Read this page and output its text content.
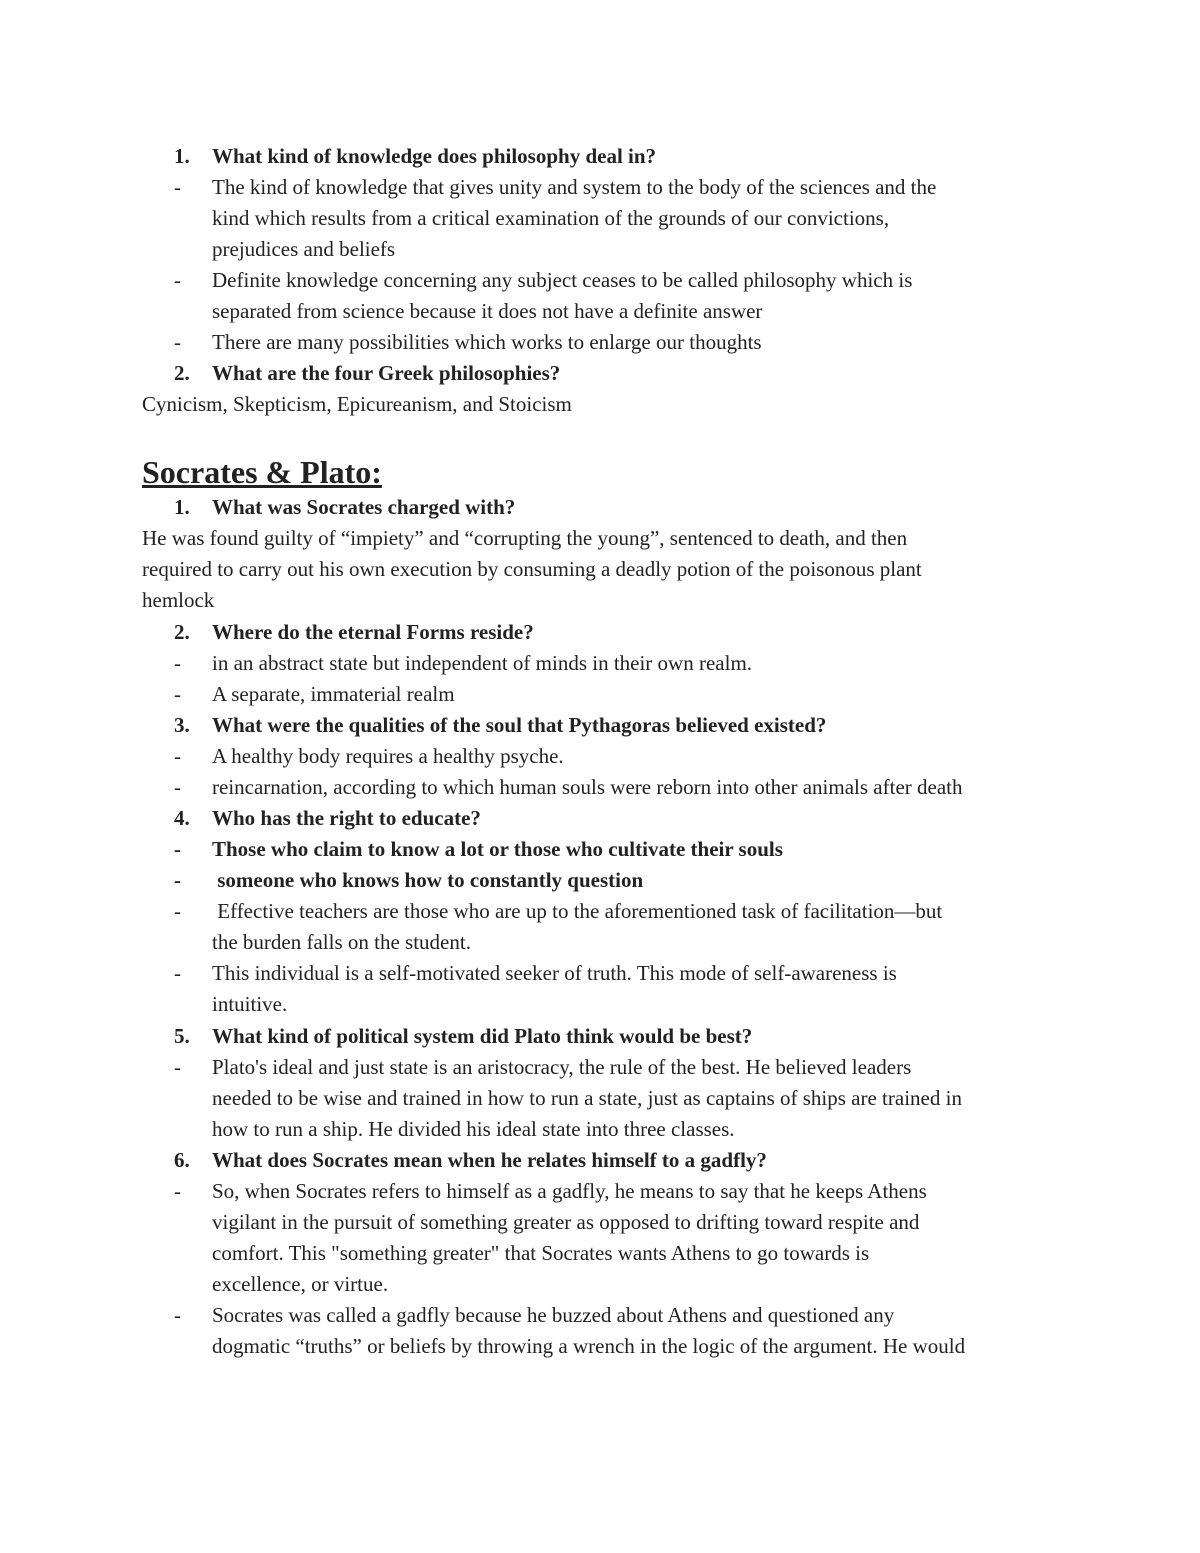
1. What kind of knowledge does philosophy deal in?
- The kind of knowledge that gives unity and system to the body of the sciences and the
kind which results from a critical examination of the grounds of our convictions,
prejudices and beliefs
- Definite knowledge concerning any subject ceases to be called philosophy which is
separated from science because it does not have a definite answer
- There are many possibilities which works to enlarge our thoughts
2. What are the four Greek philosophies?
Cynicism, Skepticism, Epicureanism, and Stoicism
Socrates & Plato:
1. What was Socrates charged with?
He was found guilty of “impiety” and “corrupting the young”, sentenced to death, and then
required to carry out his own execution by consuming a deadly potion of the poisonous plant
hemlock
2. Where do the eternal Forms reside?
- in an abstract state but independent of minds in their own realm.
- A separate, immaterial realm
3. What were the qualities of the soul that Pythagoras believed existed?
- A healthy body requires a healthy psyche.
- reincarnation, according to which human souls were reborn into other animals after death
4. Who has the right to educate?
- Those who claim to know a lot or those who cultivate their souls
- someone who knows how to constantly question
- Effective teachers are those who are up to the aforementioned task of facilitation—but
the burden falls on the student.
- This individual is a self-motivated seeker of truth. This mode of self-awareness is
intuitive.
5. What kind of political system did Plato think would be best?
- Plato's ideal and just state is an aristocracy, the rule of the best. He believed leaders
needed to be wise and trained in how to run a state, just as captains of ships are trained in
how to run a ship. He divided his ideal state into three classes.
6. What does Socrates mean when he relates himself to a gadfly?
- So, when Socrates refers to himself as a gadfly, he means to say that he keeps Athens
vigilant in the pursuit of something greater as opposed to drifting toward respite and
comfort. This "something greater" that Socrates wants Athens to go towards is
excellence, or virtue.
- Socrates was called a gadfly because he buzzed about Athens and questioned any
dogmatic “truths” or beliefs by throwing a wrench in the logic of the argument. He would
